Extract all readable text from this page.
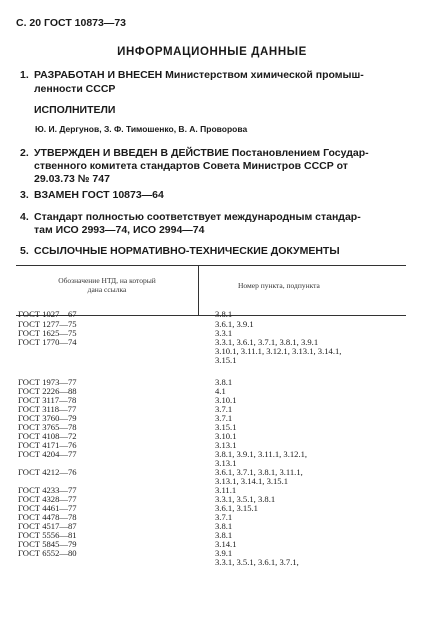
С. 20 ГОСТ 10873—73
ИНФОРМАЦИОННЫЕ ДАННЫЕ
1. РАЗРАБОТАН И ВНЕСЕН Министерством химической промыш-
ленности СССР
ИСПОЛНИТЕЛИ
Ю. И. Дергунов, З. Ф. Тимошенко, В. А. Проворова
2. УТВЕРЖДЕН И ВВЕДЕН В ДЕЙСТВИЕ Постановлением Государ-
ственного комитета стандартов Совета Министров СССР от
29.03.73 № 747
3. ВЗАМЕН ГОСТ 10873—64
4. Стандарт полностью соответствует международным стандар-
там ИСО 2993—74, ИСО 2994—74
5. ССЫЛОЧНЫЕ НОРМАТИВНО-ТЕХНИЧЕСКИЕ ДОКУМЕНТЫ
Обозначение НТД, на который
дана ссылка	Номер пункта, подпункта
ГОСТ 1027—67	3.8.1
ГОСТ 1277—75	3.6.1, 3.9.1
ГОСТ 1625—75	3.3.1
ГОСТ 1770—74	3.3.1, 3.6.1, 3.7.1, 3.8.1, 3.9.1
3.10.1, 3.11.1, 3.12.1, 3.13.1, 3.14.1,
3.15.1
ГОСТ 1973—77	3.8.1
ГОСТ 2226—88	4.1
ГОСТ 3117—78	3.10.1
ГОСТ 3118—77	3.7.1
ГОСТ 3760—79	3.7.1
ГОСТ 3765—78	3.15.1
ГОСТ 4108—72	3.10.1
ГОСТ 4171—76	3.13.1
ГОСТ 4204—77	3.8.1, 3.9.1, 3.11.1, 3.12.1,
3.13.1
ГОСТ 4212—76	3.6.1, 3.7.1, 3.8.1, 3.11.1,
3.13.1, 3.14.1, 3.15.1
ГОСТ 4233—77	3.11.1
ГОСТ 4328—77	3.3.1, 3.5.1, 3.8.1
ГОСТ 4461—77	3.6.1, 3.15.1
ГОСТ 4478—78	3.7.1
ГОСТ 4517—87	3.8.1
ГОСТ 5556—81	3.8.1
ГОСТ 5845—79	3.14.1
ГОСТ 6552—80	3.9.1
3.3.1, 3.5.1, 3.6.1, 3.7.1,
